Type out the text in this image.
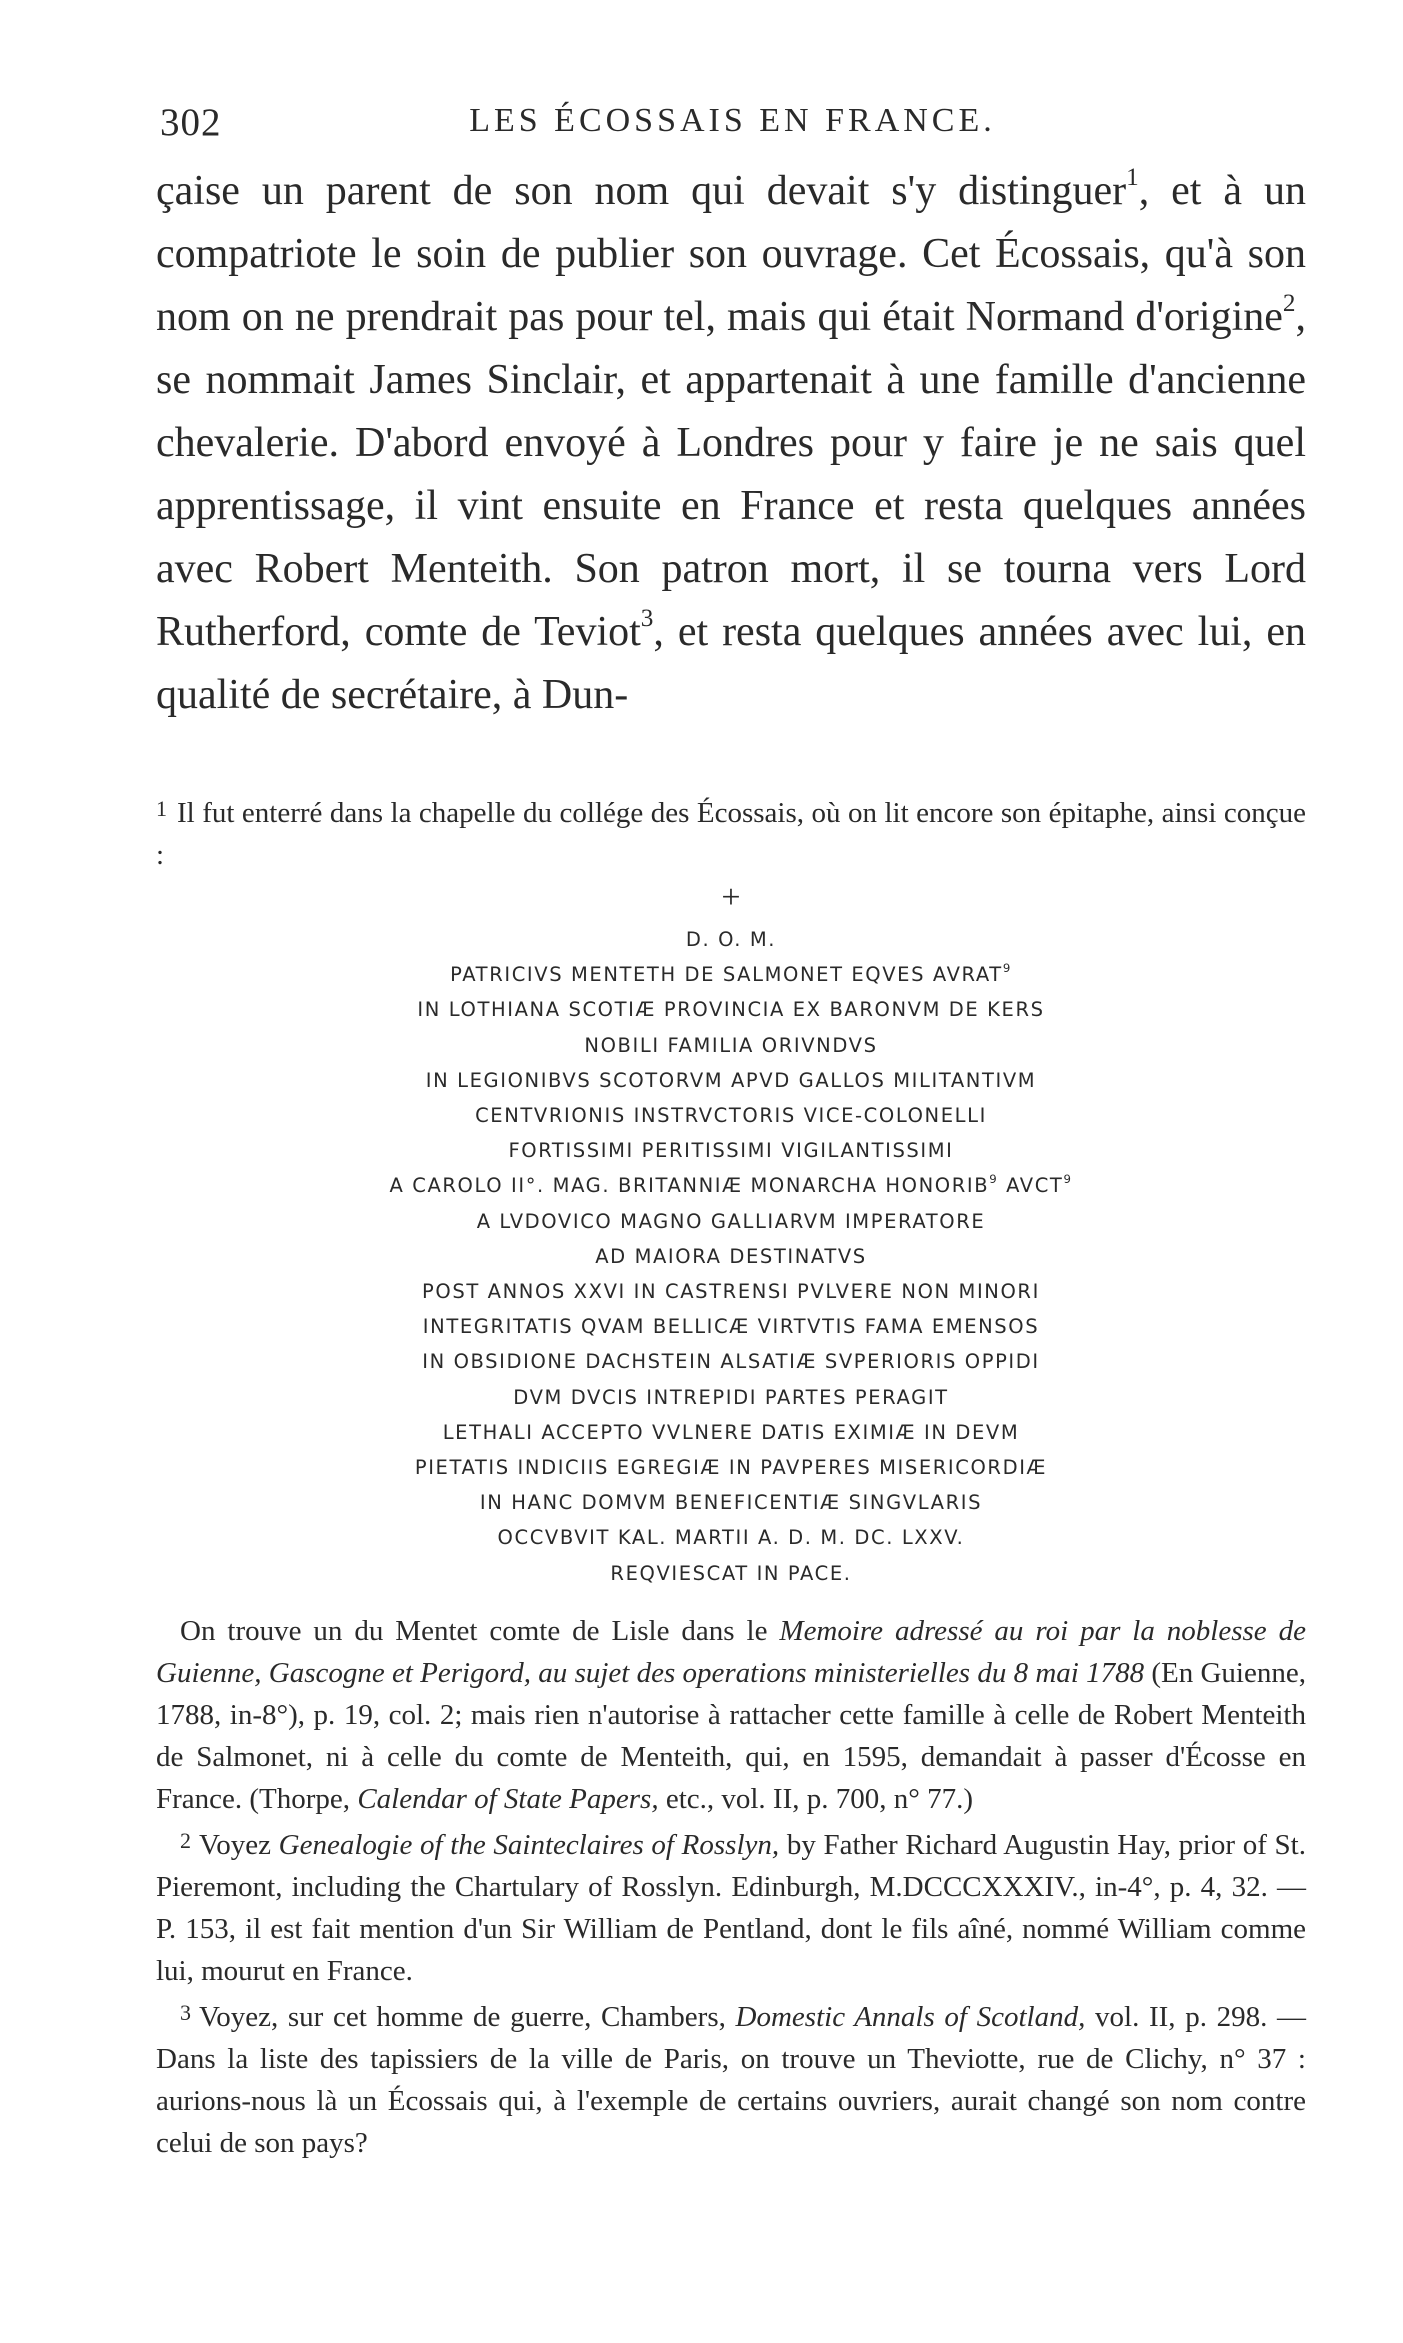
302	LES ÉCOSSAIS EN FRANCE.

çaise un parent de son nom qui devait s'y distinguer$^1$, et à un compatriote le soin de publier son ouvrage. Cet Écossais, qu'à son nom on ne prendrait pas pour tel, mais qui était Normand d'origine$^2$, se nommait James Sinclair, et appartenait à une famille d'ancienne chevalerie. D'abord envoyé à Londres pour y faire je ne sais quel apprentissage, il vint ensuite en France et resta quelques années avec Robert Menteith. Son patron mort, il se tourna vers Lord Rutherford, comte de Teviot$^3$, et resta quelques années avec lui, en qualité de secrétaire, à Dun-

$^1$ Il fut enterré dans la chapelle du collége des Écossais, où on lit encore son épitaphe, ainsi conçue :

+
D. O. M.
PATRICIVS MENTETH DE SALMONET EQVES AVRAT$^9$
IN LOTHIANA SCOTIÆ PROVINCIA EX BARONVM DE KERS
NOBILI FAMILIA ORIVNDVS
IN LEGIONIBVS SCOTORVM APVD GALLOS MILITANTIVM
CENTVRIONIS INSTRVCTORIS VICE-COLONELLI
FORTISSIMI PERITISSIMI VIGILANTISSIMI
A CAROLO II°. MAG. BRITANNIÆ MONARCHA HONORIB$^9$ AVCT$^9$
A LVDOVICO MAGNO GALLIARVM IMPERATORE
AD MAIORA DESTINATVS
POST ANNOS XXVI IN CASTRENSI PVLVERE NON MINORI
INTEGRITATIS QVAM BELLICÆ VIRTVTIS FAMA EMENSOS
IN OBSIDIONE DACHSTEIN ALSATIÆ SVPERIORIS OPPIDI
DVM DVCIS INTREPIDI PARTES PERAGIT
LETHALI ACCEPTO VVLNERE DATIS EXIMIÆ IN DEVM
PIETATIS INDICIIS EGREGIÆ IN PAVPERES MISERICORDIÆ
IN HANC DOMVM BENEFICENTIÆ SINGVLARIS
OCCVBVIT KAL. MARTII A. D. M. DC. LXXV.
REQVIESCAT IN PACE.

On trouve un du Mentet comte de Lisle dans le Memoire adressé au roi par la noblesse de Guienne, Gascogne et Perigord, au sujet des operations ministerielles du 8 mai 1788 (En Guienne, 1788, in-8°), p. 19, col. 2; mais rien n'autorise à rattacher cette famille à celle de Robert Menteith de Salmonet, ni à celle du comte de Menteith, qui, en 1595, demandait à passer d'Écosse en France. (Thorpe, Calendar of State Papers, etc., vol. II, p. 700, n° 77.)

$^2$ Voyez Genealogie of the Sainteclaires of Rosslyn, by Father Richard Augustin Hay, prior of St. Pieremont, including the Chartulary of Rosslyn. Edinburgh, M.DCCCXXXIV., in-4°, p. 4, 32. — P. 153, il est fait mention d'un Sir William de Pentland, dont le fils aîné, nommé William comme lui, mourut en France.

$^3$ Voyez, sur cet homme de guerre, Chambers, Domestic Annals of Scotland, vol. II, p. 298. — Dans la liste des tapissiers de la ville de Paris, on trouve un Theviotte, rue de Clichy, n° 37 : aurions-nous là un Écossais qui, à l'exemple de certains ouvriers, aurait changé son nom contre celui de son pays?
